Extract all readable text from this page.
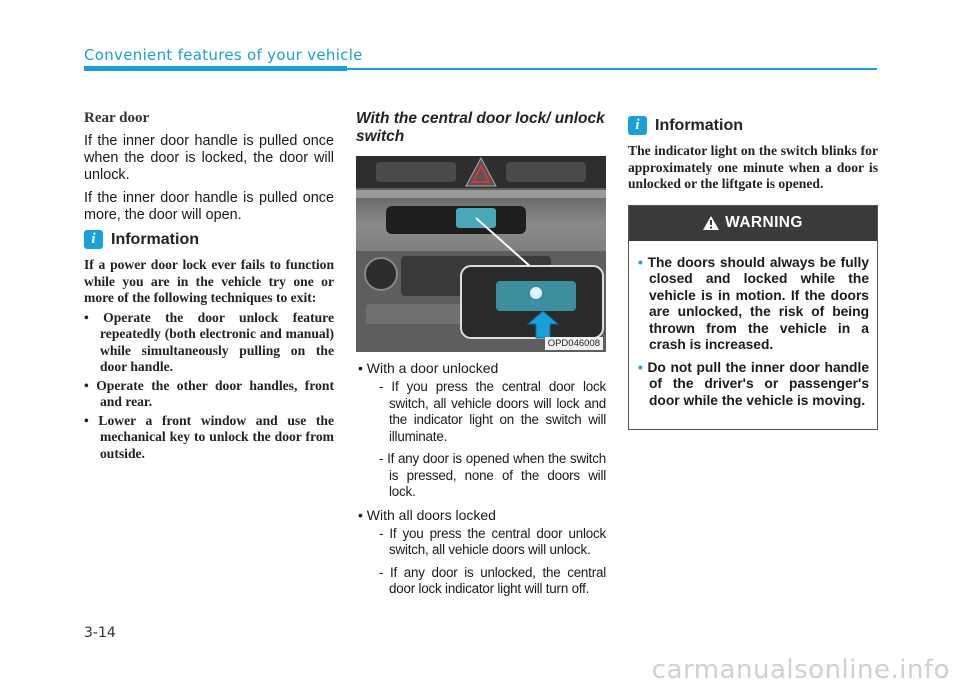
Convenient features of your vehicle
Rear door

If the inner door handle is pulled once when the door is locked, the door will unlock.

If the inner door handle is pulled once more, the door will open.

i Information

If a power door lock ever fails to function while you are in the vehicle try one or more of the following techniques to exit:

• Operate the door unlock feature repeatedly (both electronic and manual) while simultaneously pulling on the door handle.
• Operate the other door handles, front and rear.
• Lower a front window and use the mechanical key to unlock the door from outside.
With the central door lock/ unlock switch
OPD046008
• With a door unlocked
- If you press the central door lock switch, all vehicle doors will lock and the indicator light on the switch will illuminate.
- If any door is opened when the switch is pressed, none of the doors will lock.
• With all doors locked
- If you press the central door unlock switch, all vehicle doors will unlock.
- If any door is unlocked, the central door lock indicator light will turn off.
i Information

The indicator light on the switch blinks for approximately one minute when a door is unlocked or the liftgate is opened.

WARNING
• The doors should always be fully closed and locked while the vehicle is in motion. If the doors are unlocked, the risk of being thrown from the vehicle in a crash is increased.
• Do not pull the inner door handle of the driver's or passenger's door while the vehicle is moving.
3-14
carmanualsonline.info
